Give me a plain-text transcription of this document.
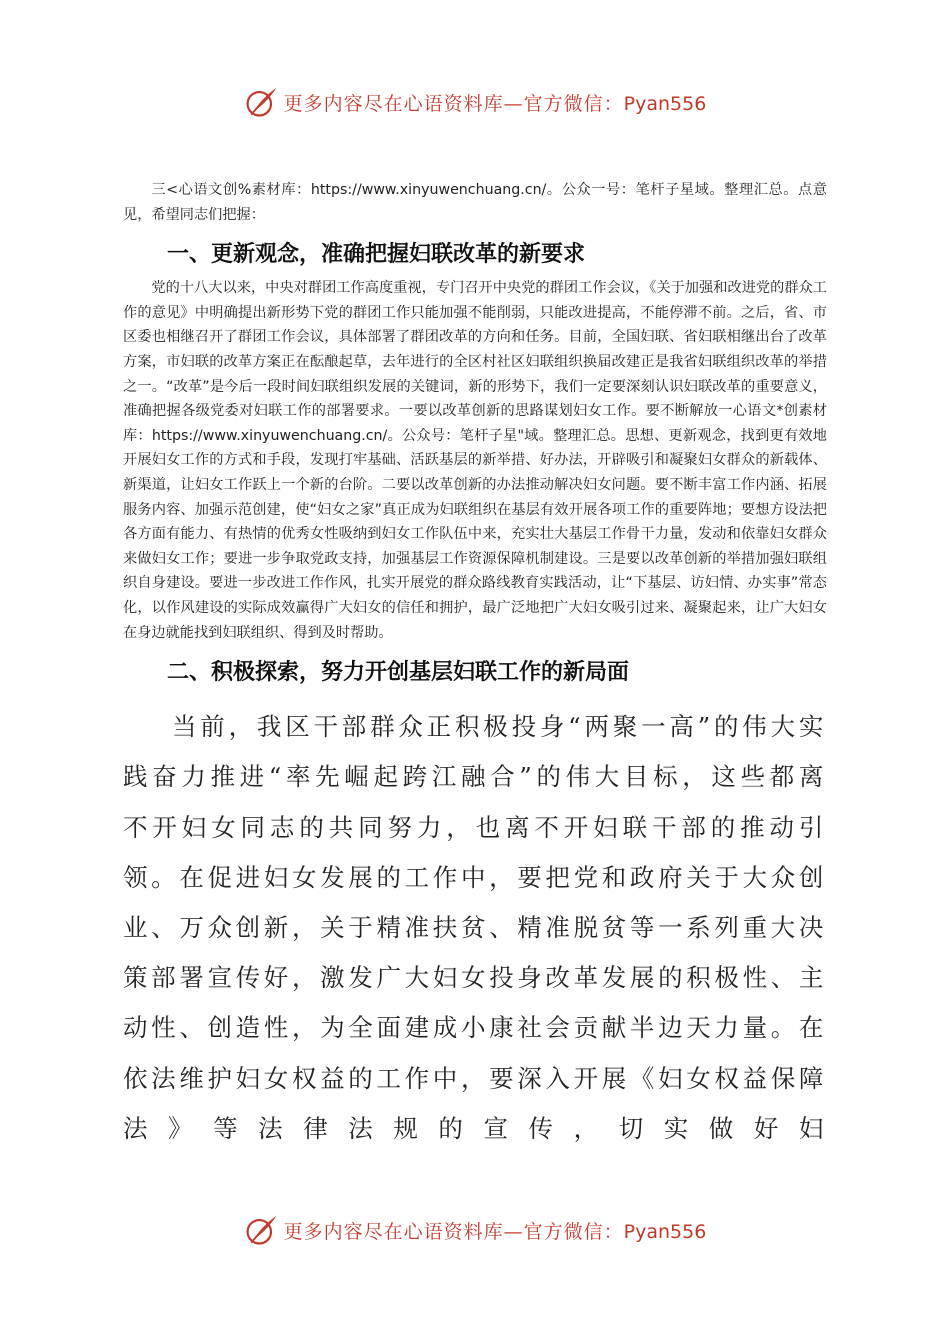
更多内容尽在心语资料库—官方微信：Pyan556

三<心语文创%素材库：https://www.xinyuwenchuang.cn/。公众一号：笔杆子星域。整理汇总。点意见，希望同志们把握：

一、更新观念，准确把握妇联改革的新要求

党的十八大以来，中央对群团工作高度重视，专门召开中央党的群团工作会议，《关于加强和改进党的群众工作的意见》中明确提出新形势下党的群团工作只能加强不能削弱，只能改进提高，不能停滞不前。之后，省、市区委也相继召开了群团工作会议，具体部署了群团改革的方向和任务。目前，全国妇联、省妇联相继出台了改革方案，市妇联的改革方案正在酝酿起草，去年进行的全区村社区妇联组织换届改建正是我省妇联组织改革的举措之一。“改革”是今后一段时间妇联组织发展的关键词，新的形势下，我们一定要深刻认识妇联改革的重要意义，准确把握各级党委对妇联工作的部署要求。一要以改革创新的思路谋划妇女工作。要不断解放一心语文*创素材库：https://www.xinyuwenchuang.cn/。公众号：笔杆子星"域。整理汇总。思想、更新观念，找到更有效地开展妇女工作的方式和手段，发现打牢基础、活跃基层的新举措、好办法，开辟吸引和凝聚妇女群众的新载体、新渠道，让妇女工作跃上一个新的台阶。二要以改革创新的办法推动解决妇女问题。要不断丰富工作内涵、拓展服务内容、加强示范创建，使“妇女之家”真正成为妇联组织在基层有效开展各项工作的重要阵地；要想方设法把各方面有能力、有热情的优秀女性吸纳到妇女工作队伍中来，充实壮大基层工作骨干力量，发动和依靠妇女群众来做妇女工作；要进一步争取党政支持，加强基层工作资源保障机制建设。三是要以改革创新的举措加强妇联组织自身建设。要进一步改进工作作风，扎实开展党的群众路线教育实践活动，让“下基层、访妇情、办实事”常态化，以作风建设的实际成效赢得广大妇女的信任和拥护，最广泛地把广大妇女吸引过来、凝聚起来，让广大妇女在身边就能找到妇联组织、得到及时帮助。

二、积极探索，努力开创基层妇联工作的新局面

当前，我区干部群众正积极投身“两聚一高”的伟大实践奋力推进“率先崛起跨江融合”的伟大目标，这些都离不开妇女同志的共同努力，也离不开妇联干部的推动引领。在促进妇女发展的工作中，要把党和政府关于大众创业、万众创新，关于精准扶贫、精准脱贫等一系列重大决策部署宣传好，激发广大妇女投身改革发展的积极性、主动性、创造性，为全面建成小康社会贡献半边天力量。在依法维护妇女权益的工作中，要深入开展《妇女权益保障法》等法律法规的宣传，切实做好妇

更多内容尽在心语资料库—官方微信：Pyan556
